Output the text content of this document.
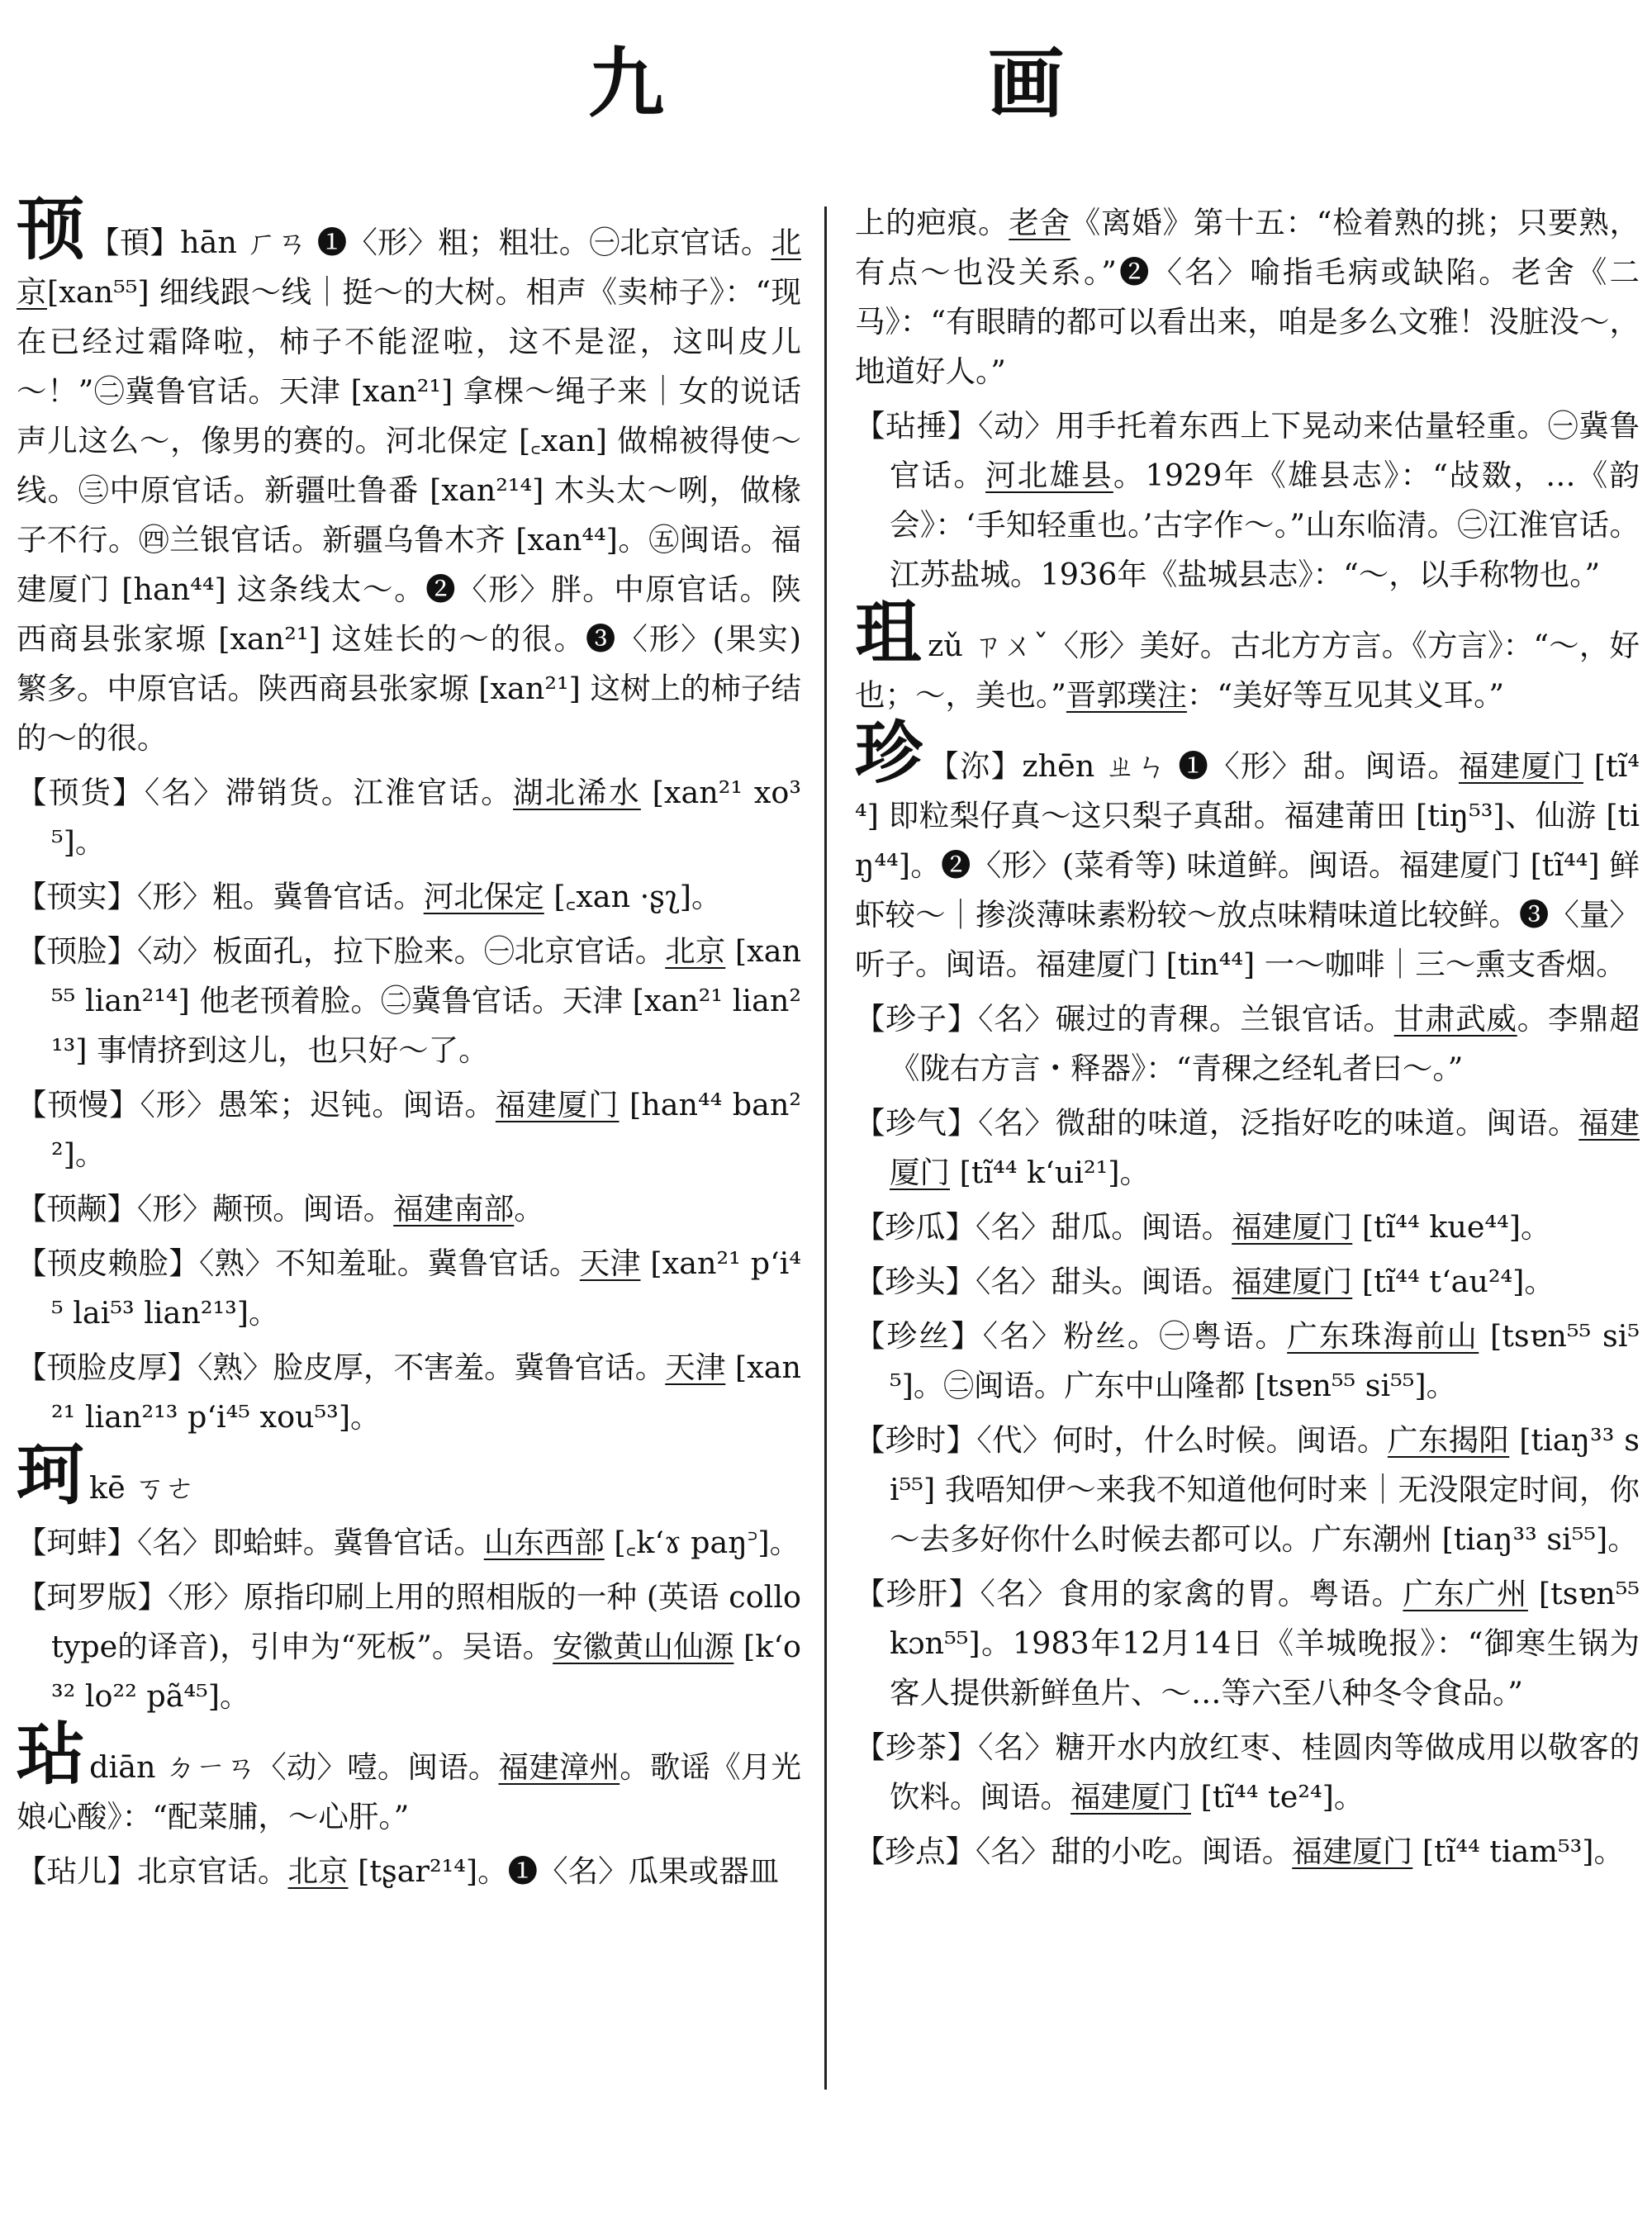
九　画
顸 【頇】hān ㄏㄢ ❶〈形〉粗；粗壮。㊀北京官话。北京[xan⁵⁵] 细线跟～线｜挺～的大树。相声《卖柿子》：“现在已经过霜降啦，柿子不能涩啦，这不是涩，这叫皮儿～！”㊁冀鲁官话。天津 [xan²¹] 拿棵～绳子来｜女的说话声儿这么～，像男的赛的。河北保定 [꜀xan] 做棉被得使～线。㊂中原官话。新疆吐鲁番 [xan²¹⁴] 木头太～咧，做椽子不行。㊃兰银官话。新疆乌鲁木齐 [xan⁴⁴]。㊄闽语。福建厦门 [han⁴⁴] 这条线太～。❷〈形〉胖。中原官话。陕西商县张家塬 [xan²¹] 这娃长的～的很。❸〈形〉(果实) 繁多。中原官话。陕西商县张家塬 [xan²¹] 这树上的柿子结的～的很。
【顸货】〈名〉滞销货。江淮官话。湖北浠水 [xan²¹ xo³⁵]。
【顸实】〈形〉粗。冀鲁官话。河北保定 [꜀xan ·ʂʅ]。
【顸脸】〈动〉板面孔，拉下脸来。㊀北京官话。北京 [xan⁵⁵ lian²¹⁴] 他老顸着脸。㊁冀鲁官话。天津 [xan²¹ lian²¹³] 事情挤到这儿，也只好～了。
【顸慢】〈形〉愚笨；迟钝。闽语。福建厦门 [han⁴⁴ ban²²]。
【顸颟】〈形〉颟顸。闽语。福建南部。
【顸皮赖脸】〈熟〉不知羞耻。冀鲁官话。天津 [xan²¹ pʻi⁴⁵ lai⁵³ lian²¹³]。
【顸脸皮厚】〈熟〉脸皮厚，不害羞。冀鲁官话。天津 [xan²¹ lian²¹³ pʻi⁴⁵ xou⁵³]。
珂kē ㄎㄜ
【珂蚌】〈名〉即蛤蚌。冀鲁官话。山东西部 [꜀kʻɤ paŋ꜄]。
【珂罗版】〈形〉原指印刷上用的照相版的一种 (英语 collotype的译音)，引申为“死板”。吴语。安徽黄山仙源 [kʻo³² lo²² pã⁴⁵]。
玷diān ㄉㄧㄢ〈动〉噎。闽语。福建漳州。歌谣《月光娘心酸》：“配菜脯，～心肝。”
【玷儿】北京官话。北京 [tʂar²¹⁴]。❶〈名〉瓜果或器皿
上的疤痕。老舍《离婚》第十五：“检着熟的挑；只要熟，有点～也没关系。”❷〈名〉喻指毛病或缺陷。老舍《二马》：“有眼睛的都可以看出来，咱是多么文雅！没脏没～，地道好人。”
【玷捶】〈动〉用手托着东西上下晃动来估量轻重。㊀冀鲁官话。河北雄县。1929年《雄县志》：“敁敪，…《韵会》：‘手知轻重也。’古字作～。”山东临清。㊁江淮官话。江苏盐城。1936年《盐城县志》：“～，以手称物也。”
珇zǔ ㄗㄨˇ〈形〉美好。古北方方言。《方言》：“～，好也；～，美也。”晋郭璞注：“美好等互见其义耳。”
珍 【沵】zhēn ㄓㄣ ❶〈形〉甜。闽语。福建厦门 [tĩ⁴⁴] 即粒梨仔真～这只梨子真甜。福建莆田 [tiŋ⁵³]、仙游 [tiŋ⁴⁴]。❷〈形〉(菜肴等) 味道鲜。闽语。福建厦门 [tĩ⁴⁴] 鲜虾较～｜掺淡薄味素粉较～放点味精味道比较鲜。❸〈量〉听子。闽语。福建厦门 [tin⁴⁴] 一～咖啡｜三～熏支香烟。
【珍子】〈名〉碾过的青稞。兰银官话。甘肃武威。李鼎超《陇右方言・释器》：“青稞之经轧者曰～。”
【珍气】〈名〉微甜的味道，泛指好吃的味道。闽语。福建厦门 [tĩ⁴⁴ kʻui²¹]。
【珍瓜】〈名〉甜瓜。闽语。福建厦门 [tĩ⁴⁴ kue⁴⁴]。
【珍头】〈名〉甜头。闽语。福建厦门 [tĩ⁴⁴ tʻau²⁴]。
【珍丝】〈名〉粉丝。㊀粤语。广东珠海前山 [tsɐn⁵⁵ si⁵⁵]。㊁闽语。广东中山隆都 [tsɐn⁵⁵ si⁵⁵]。
【珍时】〈代〉何时，什么时候。闽语。广东揭阳 [tiaŋ³³ si⁵⁵] 我唔知伊～来我不知道他何时来｜无没限定时间，你～去多好你什么时候去都可以。广东潮州 [tiaŋ³³ si⁵⁵]。
【珍肝】〈名〉食用的家禽的胃。粤语。广东广州 [tsɐn⁵⁵ kɔn⁵⁵]。1983年12月14日《羊城晚报》：“御寒生锅为客人提供新鲜鱼片、～…等六至八种冬令食品。”
【珍茶】〈名〉糖开水内放红枣、桂圆肉等做成用以敬客的饮料。闽语。福建厦门 [tĩ⁴⁴ te²⁴]。
【珍点】〈名〉甜的小吃。闽语。福建厦门 [tĩ⁴⁴ tiam⁵³]。
